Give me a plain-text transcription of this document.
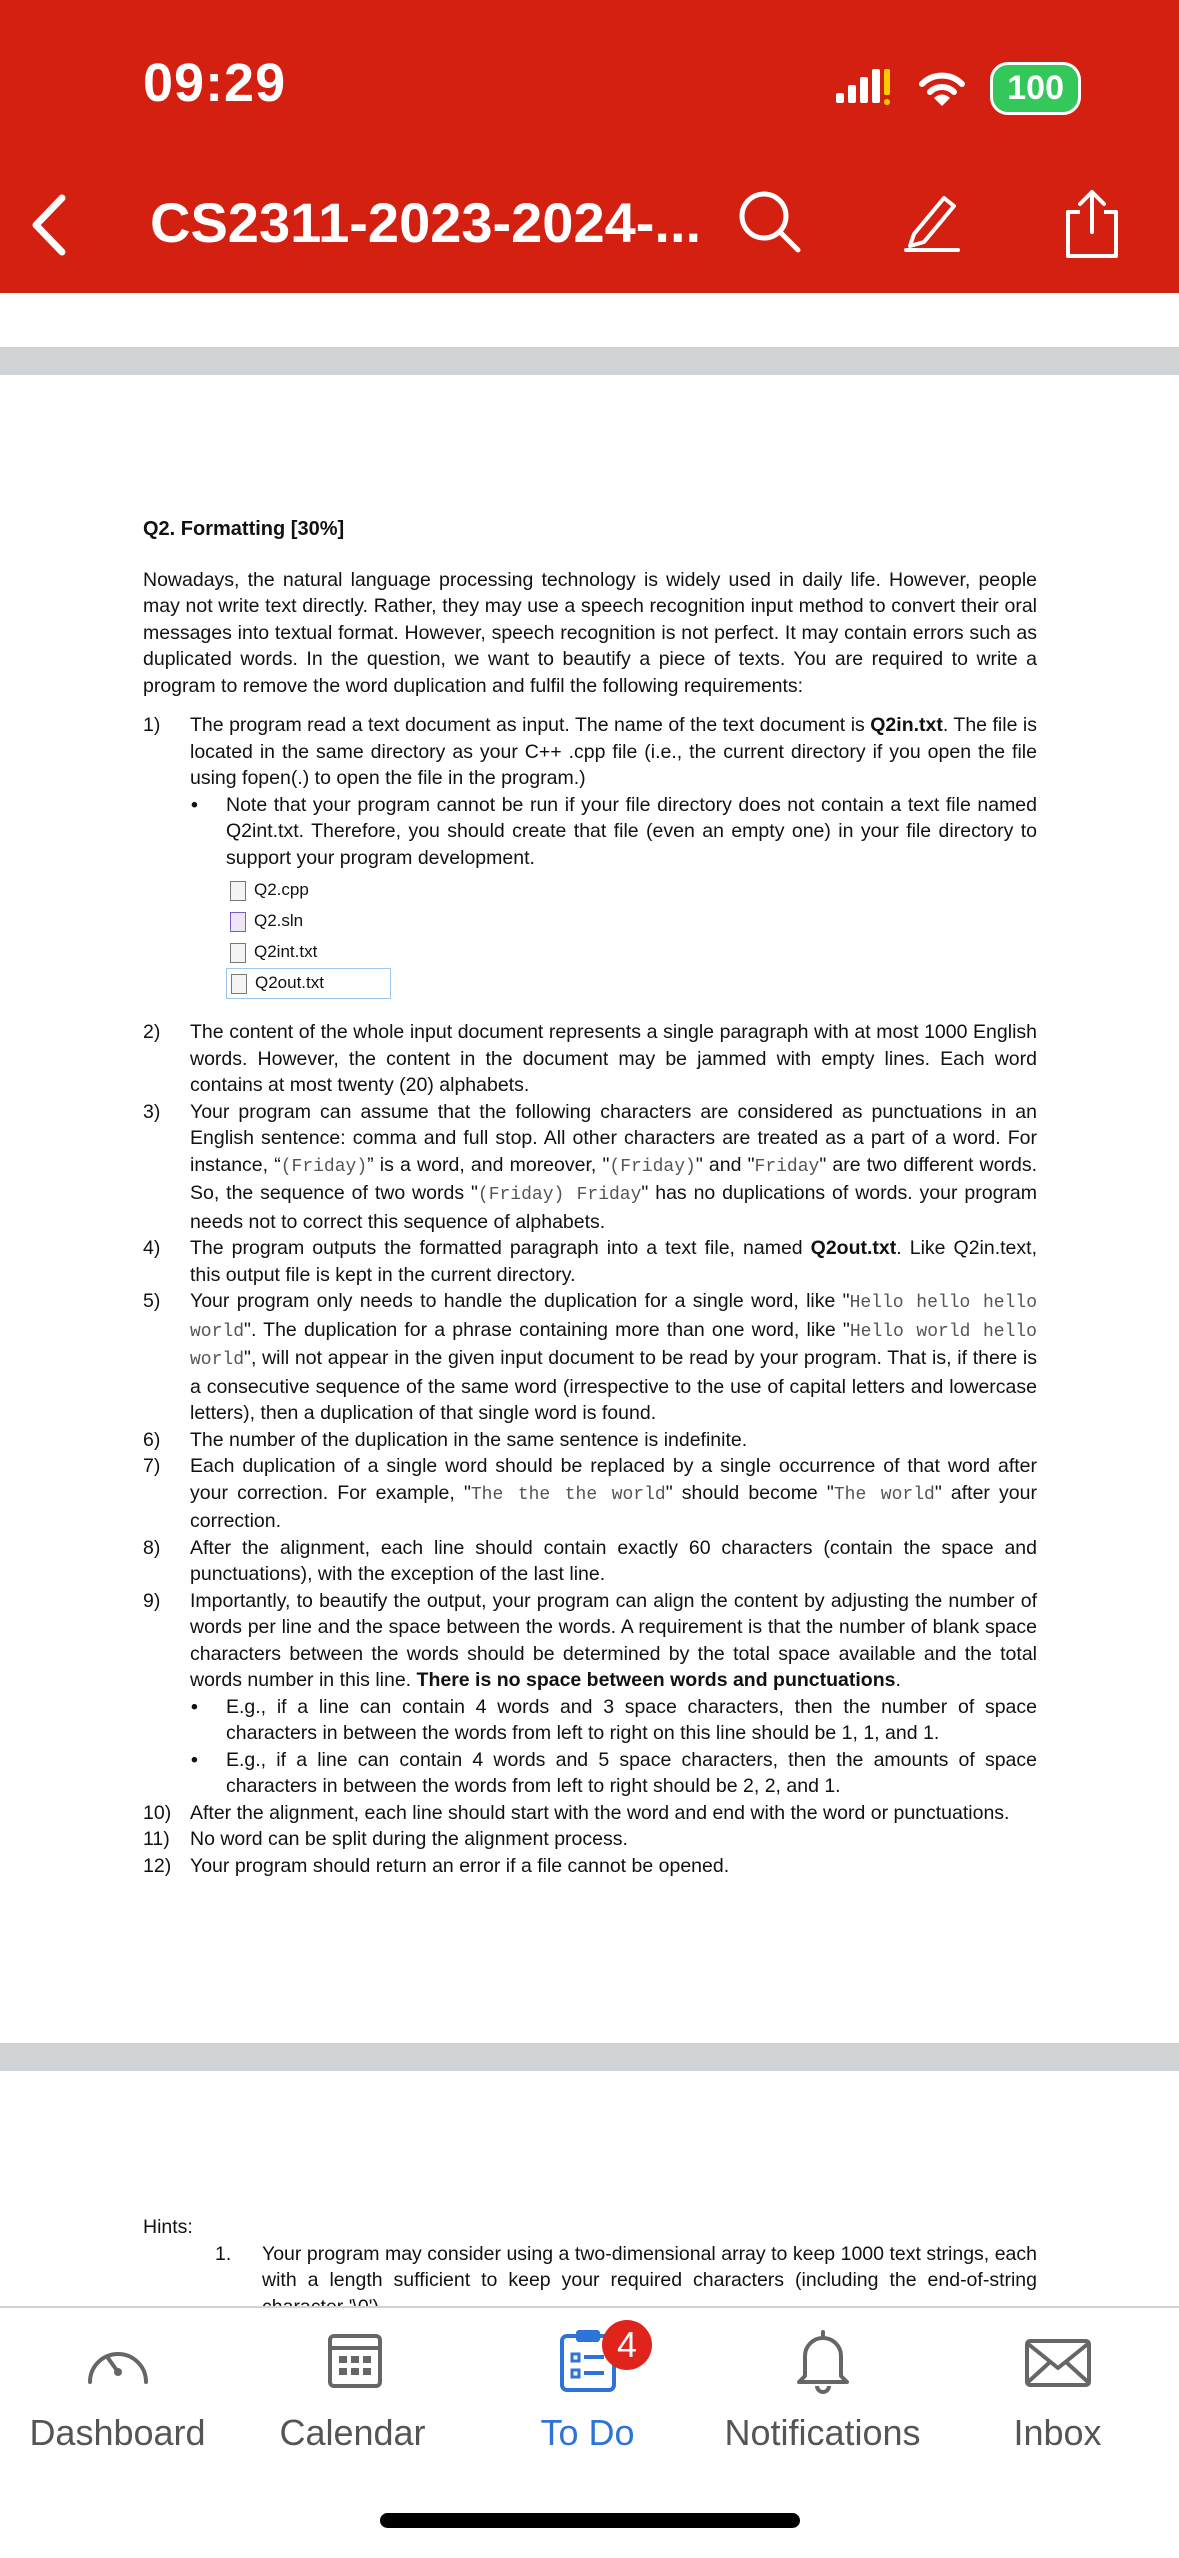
09:29	100
CS2311-2023-2024-...

Q2. Formatting [30%]

Nowadays, the natural language processing technology is widely used in daily life. However, people may not write text directly. Rather, they may use a speech recognition input method to convert their oral messages into textual format. However, speech recognition is not perfect. It may contain errors such as duplicated words. In the question, we want to beautify a piece of texts. You are required to write a program to remove the word duplication and fulfil the following requirements:

1) The program read a text document as input. The name of the text document is Q2in.txt. The file is located in the same directory as your C++ .cpp file (i.e., the current directory if you open the file using fopen(.) to open the file in the program.)
• Note that your program cannot be run if your file directory does not contain a text file named Q2int.txt. Therefore, you should create that file (even an empty one) in your file directory to support your program development.
Q2.cpp
Q2.sln
Q2int.txt
Q2out.txt
2) The content of the whole input document represents a single paragraph with at most 1000 English words. However, the content in the document may be jammed with empty lines. Each word contains at most twenty (20) alphabets.
3) Your program can assume that the following characters are considered as punctuations in an English sentence: comma and full stop. All other characters are treated as a part of a word. For instance, “(Friday)” is a word, and moreover, "(Friday)" and "Friday" are two different words. So, the sequence of two words "(Friday) Friday" has no duplications of words. your program needs not to correct this sequence of alphabets.
4) The program outputs the formatted paragraph into a text file, named Q2out.txt. Like Q2in.text, this output file is kept in the current directory.
5) Your program only needs to handle the duplication for a single word, like "Hello hello hello world". The duplication for a phrase containing more than one word, like "Hello world hello world", will not appear in the given input document to be read by your program. That is, if there is a consecutive sequence of the same word (irrespective to the use of capital letters and lowercase letters), then a duplication of that single word is found.
6) The number of the duplication in the same sentence is indefinite.
7) Each duplication of a single word should be replaced by a single occurrence of that word after your correction. For example, "The the the world" should become "The world" after your correction.
8) After the alignment, each line should contain exactly 60 characters (contain the space and punctuations), with the exception of the last line.
9) Importantly, to beautify the output, your program can align the content by adjusting the number of words per line and the space between the words. A requirement is that the number of blank space characters between the words should be determined by the total space available and the total words number in this line. There is no space between words and punctuations.
• E.g., if a line can contain 4 words and 3 space characters, then the number of space characters in between the words from left to right on this line should be 1, 1, and 1.
• E.g., if a line can contain 4 words and 5 space characters, then the amounts of space characters in between the words from left to right should be 2, 2, and 1.
10) After the alignment, each line should start with the word and end with the word or punctuations.
11) No word can be split during the alignment process.
12) Your program should return an error if a file cannot be opened.

Hints:

1. Your program may consider using a two-dimensional array to keep 1000 text strings, each with a length sufficient to keep your required characters (including the end-of-string
Dashboard	Calendar
4
To Do	Notifications	Inbox
